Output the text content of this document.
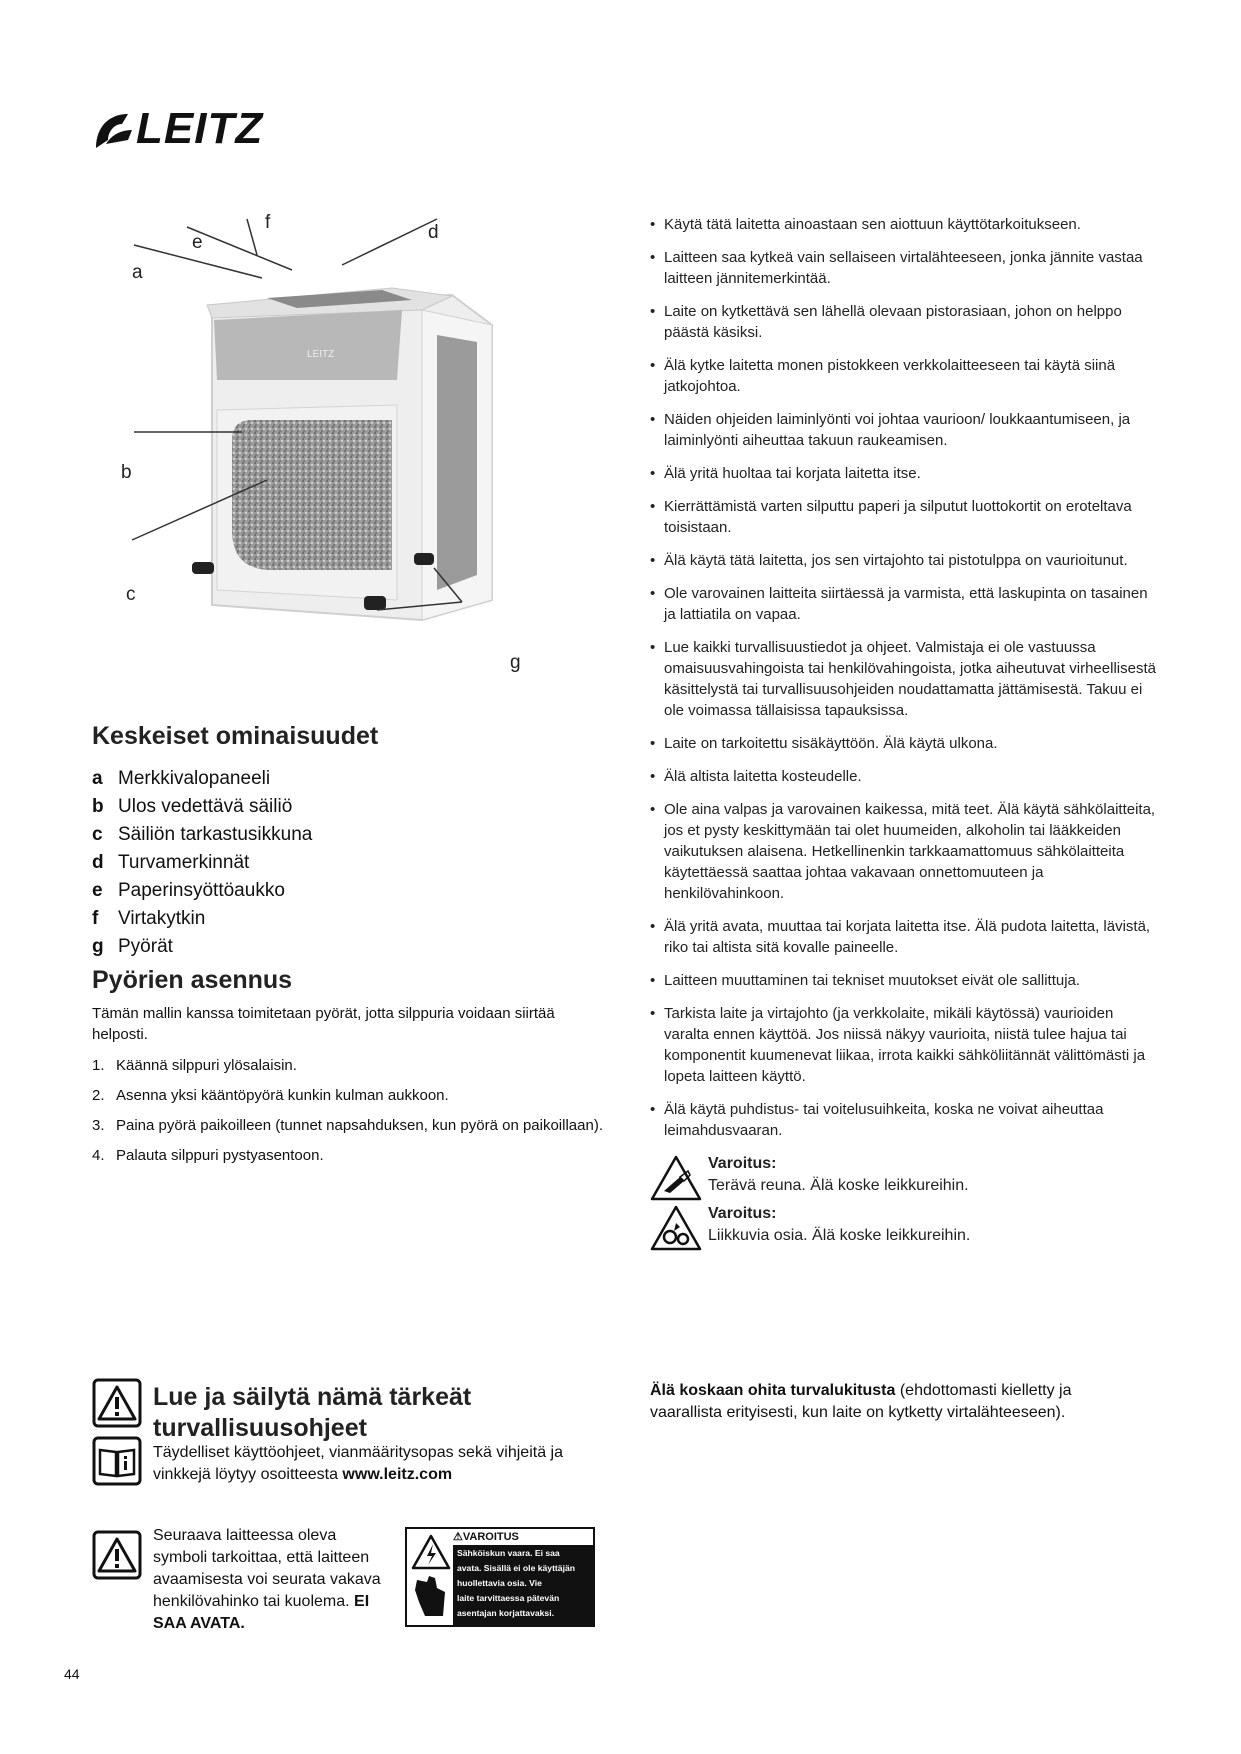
LEITZ
LEITZ
a
e
f	d
b
c
g
Keskeiset ominaisuudet
a Merkkivalopaneeli
b Ulos vedettävä säiliö
c Säiliön tarkastusikkuna
d Turvamerkinnät
e Paperinsyöttöaukko
f	Virtakytkin
g Pyörät
Pyörien asennus

Tämän mallin kanssa toimitetaan pyörät, jotta silppuria voidaan siirtää helposti.

1. Käännä silppuri ylösalaisin.
2. Asenna yksi kääntöpyörä kunkin kulman aukkoon.
3. Paina pyörä paikoilleen (tunnet napsahduksen, kun pyörä on paikoillaan).
4. Palauta silppuri pystyasentoon.
• Käytä tätä laitetta ainoastaan sen aiottuun käyttötarkoitukseen.
• Laitteen saa kytkeä vain sellaiseen virtalähteeseen, jonka jännite vastaa laitteen jännitemerkintää.
• Laite on kytkettävä sen lähellä olevaan pistorasiaan, johon on helppo päästä käsiksi.
• Älä kytke laitetta monen pistokkeen verkkolaitteeseen tai käytä siinä jatkojohtoa.
• Näiden ohjeiden laiminlyönti voi johtaa vaurioon/ loukkaantumiseen, ja laiminlyönti aiheuttaa takuun raukeamisen.
• Älä yritä huoltaa tai korjata laitetta itse.
• Kierrättämistä varten silputtu paperi ja silputut luottokortit on eroteltava toisistaan.
• Älä käytä tätä laitetta, jos sen virtajohto tai pistotulppa on vaurioitunut.
• Ole varovainen laitteita siirtäessä ja varmista, että laskupinta on tasainen ja lattiatila on vapaa.
• Lue kaikki turvallisuustiedot ja ohjeet. Valmistaja ei ole vastuussa omaisuusvahingoista tai henkilövahingoista, jotka aiheutuvat virheellisestä käsittelystä tai turvallisuusohjeiden noudattamatta jättämisestä. Takuu ei ole voimassa tällaisissa tapauksissa.
• Laite on tarkoitettu sisäkäyttöön. Älä käytä ulkona.
• Älä altista laitetta kosteudelle.
• Ole aina valpas ja varovainen kaikessa, mitä teet. Älä käytä sähkölaitteita, jos et pysty keskittymään tai olet huumeiden, alkoholin tai lääkkeiden vaikutuksen alaisena. Hetkellinenkin tarkkaamattomuus sähkölaitteita käytettäessä saattaa johtaa vakavaan onnettomuuteen ja henkilövahinkoon.
• Älä yritä avata, muuttaa tai korjata laitetta itse. Älä pudota laitetta, lävistä, riko tai altista sitä kovalle paineelle.
• Laitteen muuttaminen tai tekniset muutokset eivät ole sallittuja.
• Tarkista laite ja virtajohto (ja verkkolaite, mikäli käytössä) vaurioiden varalta ennen käyttöä. Jos niissä näkyy vaurioita, niistä tulee hajua tai komponentit kuumenevat liikaa, irrota kaikki sähköliitännät välittömästi ja lopeta laitteen käyttö.
• Älä käytä puhdistus- tai voitelusuihkeita, koska ne voivat aiheuttaa leimahdusvaaran.
Varoitus:
Terävä reuna. Älä koske leikkureihin.
Varoitus:
Liikkuvia osia. Älä koske leikkureihin.
Älä koskaan ohita turvalukitusta (ehdottomasti kielletty ja vaarallista erityisesti, kun laite on kytketty virtalähteeseen).
Lue ja säilytä nämä tärkeät turvallisuusohjeet
Täydelliset käyttöohjeet, vianmääritysopas sekä vihjeitä ja vinkkejä löytyy osoitteesta www.leitz.com
Seuraava laitteessa oleva symboli tarkoittaa, että laitteen avaamisesta voi seurata vakava henkilövahinko tai kuolema. EI SAA AVATA.
⚠VAROITUS
Sähköiskun vaara. Ei saa
avata. Sisällä ei ole käyttäjän
huollettavia osia. Vie
laite tarvittaessa pätevän
asentajan korjattavaksi.
44
